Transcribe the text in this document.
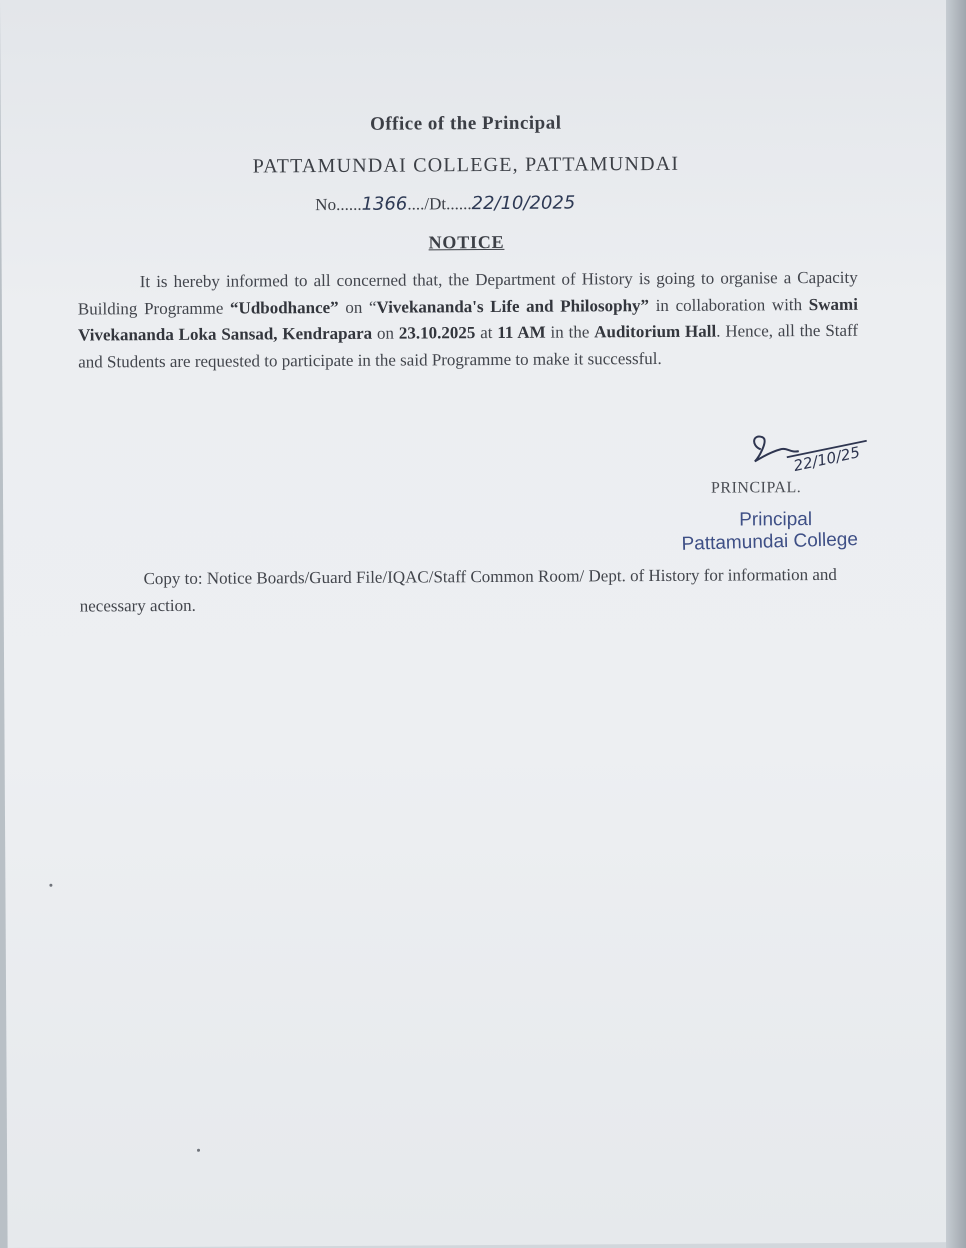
Office of the Principal
PATTAMUNDAI COLLEGE, PATTAMUNDAI
No......1366..../Dt......22/10/2025
NOTICE
It is hereby informed to all concerned that, the Department of History is going to organise a Capacity Building Programme “Udbodhance” on “Vivekananda's Life and Philosophy” in collaboration with Swami Vivekananda Loka Sansad, Kendrapara on 23.10.2025 at 11 AM in the Auditorium Hall. Hence, all the Staff and Students are requested to participate in the said Programme to make it successful.
22/10/25
PRINCIPAL.
Principal
Pattamundai College
Copy to: Notice Boards/Guard File/IQAC/Staff Common Room/ Dept. of History for information and necessary action.
